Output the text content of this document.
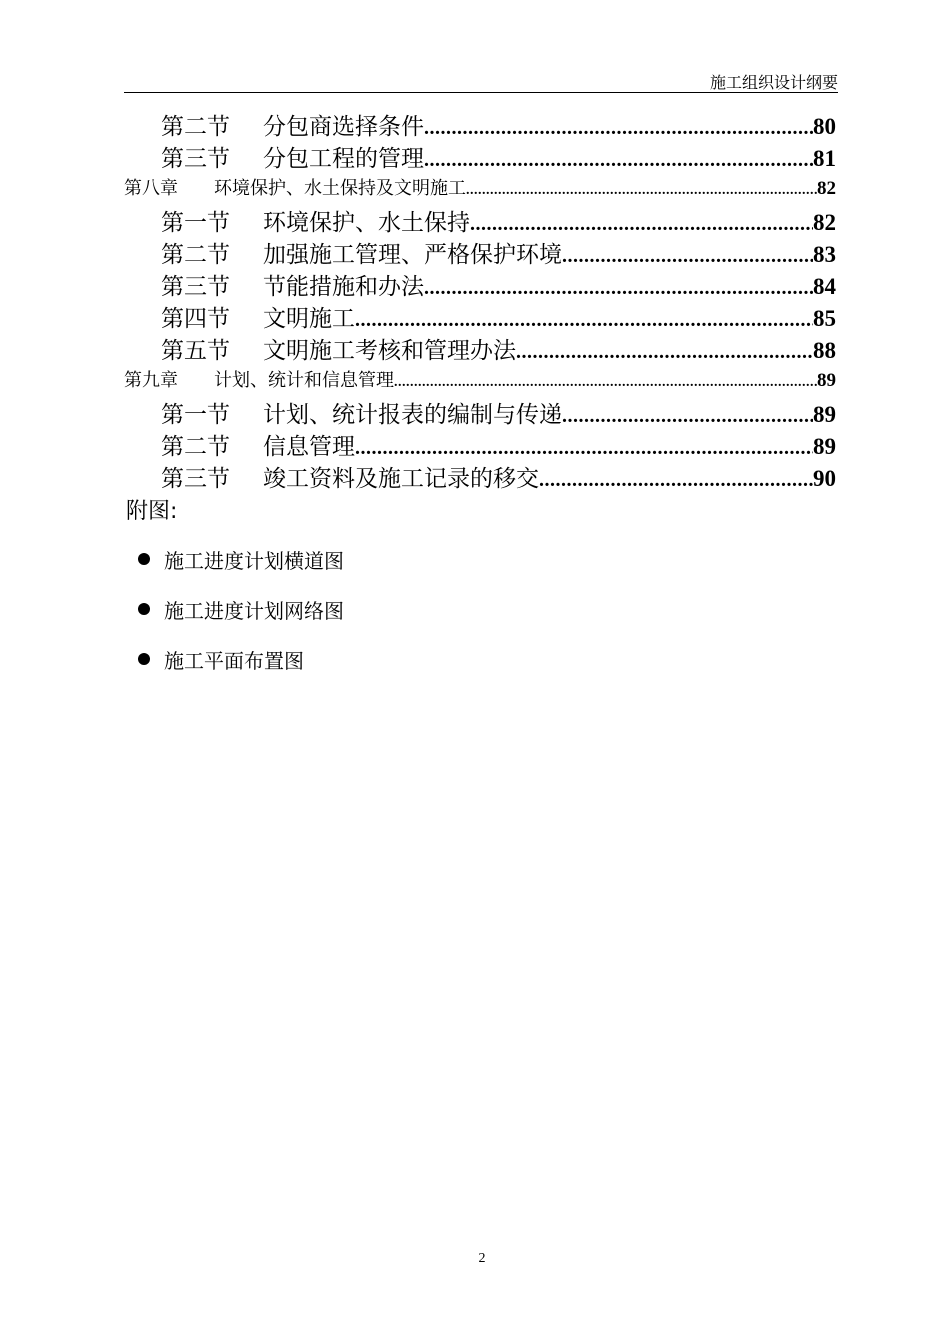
施工组织设计纲要
第二节	分包商选择条件 .....	80
第三节	分包工程的管理 .....	81
第八章	环境保护、水土保持及文明施工 .....	82
第一节	环境保护、水土保持 .....	82
第二节	加强施工管理、严格保护环境 .....	83
第三节	节能措施和办法 .....	84
第四节	文明施工 .....	85
第五节	文明施工考核和管理办法 .....	88
第九章	计划、统计和信息管理 .....	89
第一节	计划、统计报表的编制与传递 .....	89
第二节	信息管理 .....	89
第三节	竣工资料及施工记录的移交 .....	90
附图:
施工进度计划横道图
施工进度计划网络图
施工平面布置图
2
